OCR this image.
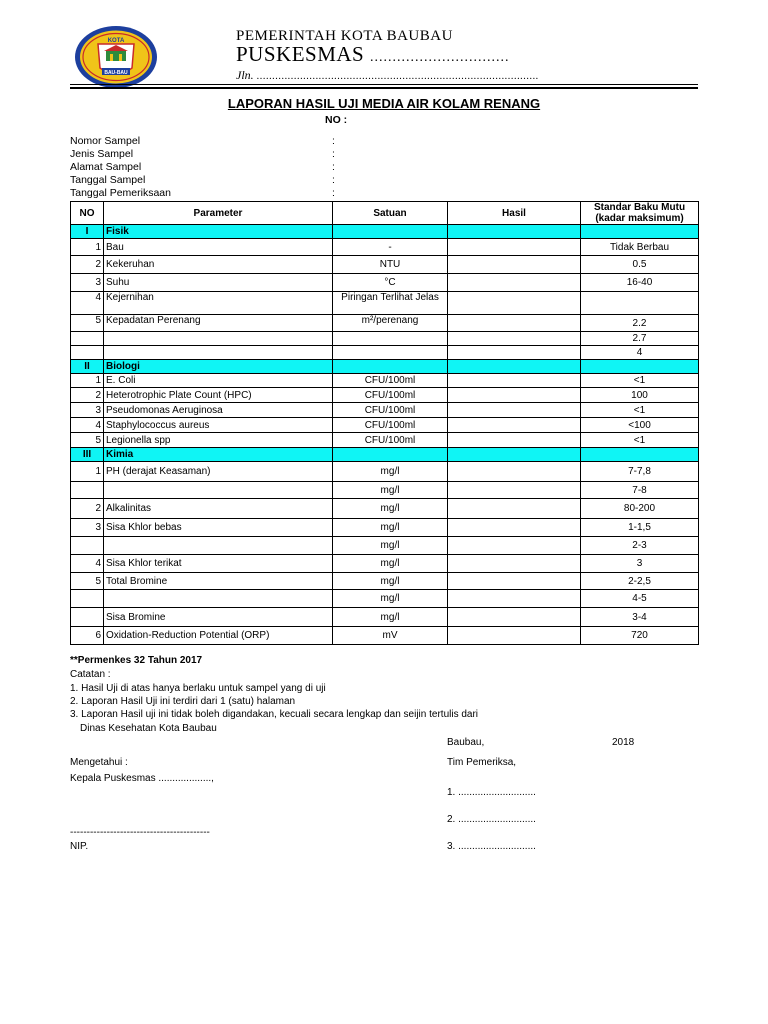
KOTA
BAU-BAU
PEMERINTAH KOTA BAUBAU
PUSKESMAS ...............................
Jln. ...........................................................................................
LAPORAN HASIL UJI MEDIA AIR KOLAM RENANG
NO :
Nomor Sampel	:
Jenis Sampel	:
Alamat Sampel	:
Tanggal Sampel	:
Tanggal Pemeriksaan	:
NO	Parameter	Satuan	Hasil	Standar Baku Mutu
(kadar maksimum)

I	Fisik			
1	Bau	-		Tidak Berbau
2	Kekeruhan	NTU		0.5
3	Suhu	°C		16-40
4	Kejernihan	Piringan Terlihat Jelas		
5	Kepadatan Perenang	m²/perenang		2.2
				2.7
				4
II	Biologi			
1	E. Coli	CFU/100ml		<1
2	Heterotrophic Plate Count (HPC)	CFU/100ml		100
3	Pseudomonas Aeruginosa	CFU/100ml		<1
4	Staphylococcus aureus	CFU/100ml		<100
5	Legionella spp	CFU/100ml		<1
III	Kimia			
1	PH (derajat Keasaman)	mg/l		7-7,8
		mg/l		7-8
2	Alkalinitas	mg/l		80-200
3	Sisa Khlor bebas	mg/l		1-1,5
		mg/l		2-3
4	Sisa Khlor terikat	mg/l		3
5	Total Bromine	mg/l		2-2,5
		mg/l		4-5
	Sisa Bromine	mg/l		3-4
6	Oxidation-Reduction Potential (ORP)	mV		720
**Permenkes 32 Tahun 2017
Catatan :
1. Hasil Uji di atas hanya berlaku untuk sampel yang di uji
2. Laporan Hasil Uji ini terdiri dari 1 (satu) halaman
3. Laporan Hasil uji ini tidak boleh digandakan, kecuali secara lengkap dan seijin tertulis dari
Dinas Kesehatan Kota Baubau
Baubau,	2018
Mengetahui :	Tim Pemeriksa,
Kepala Puskesmas ...................,
1. ............................
2. ............................
3. ............................
------------------------------------------
NIP.
